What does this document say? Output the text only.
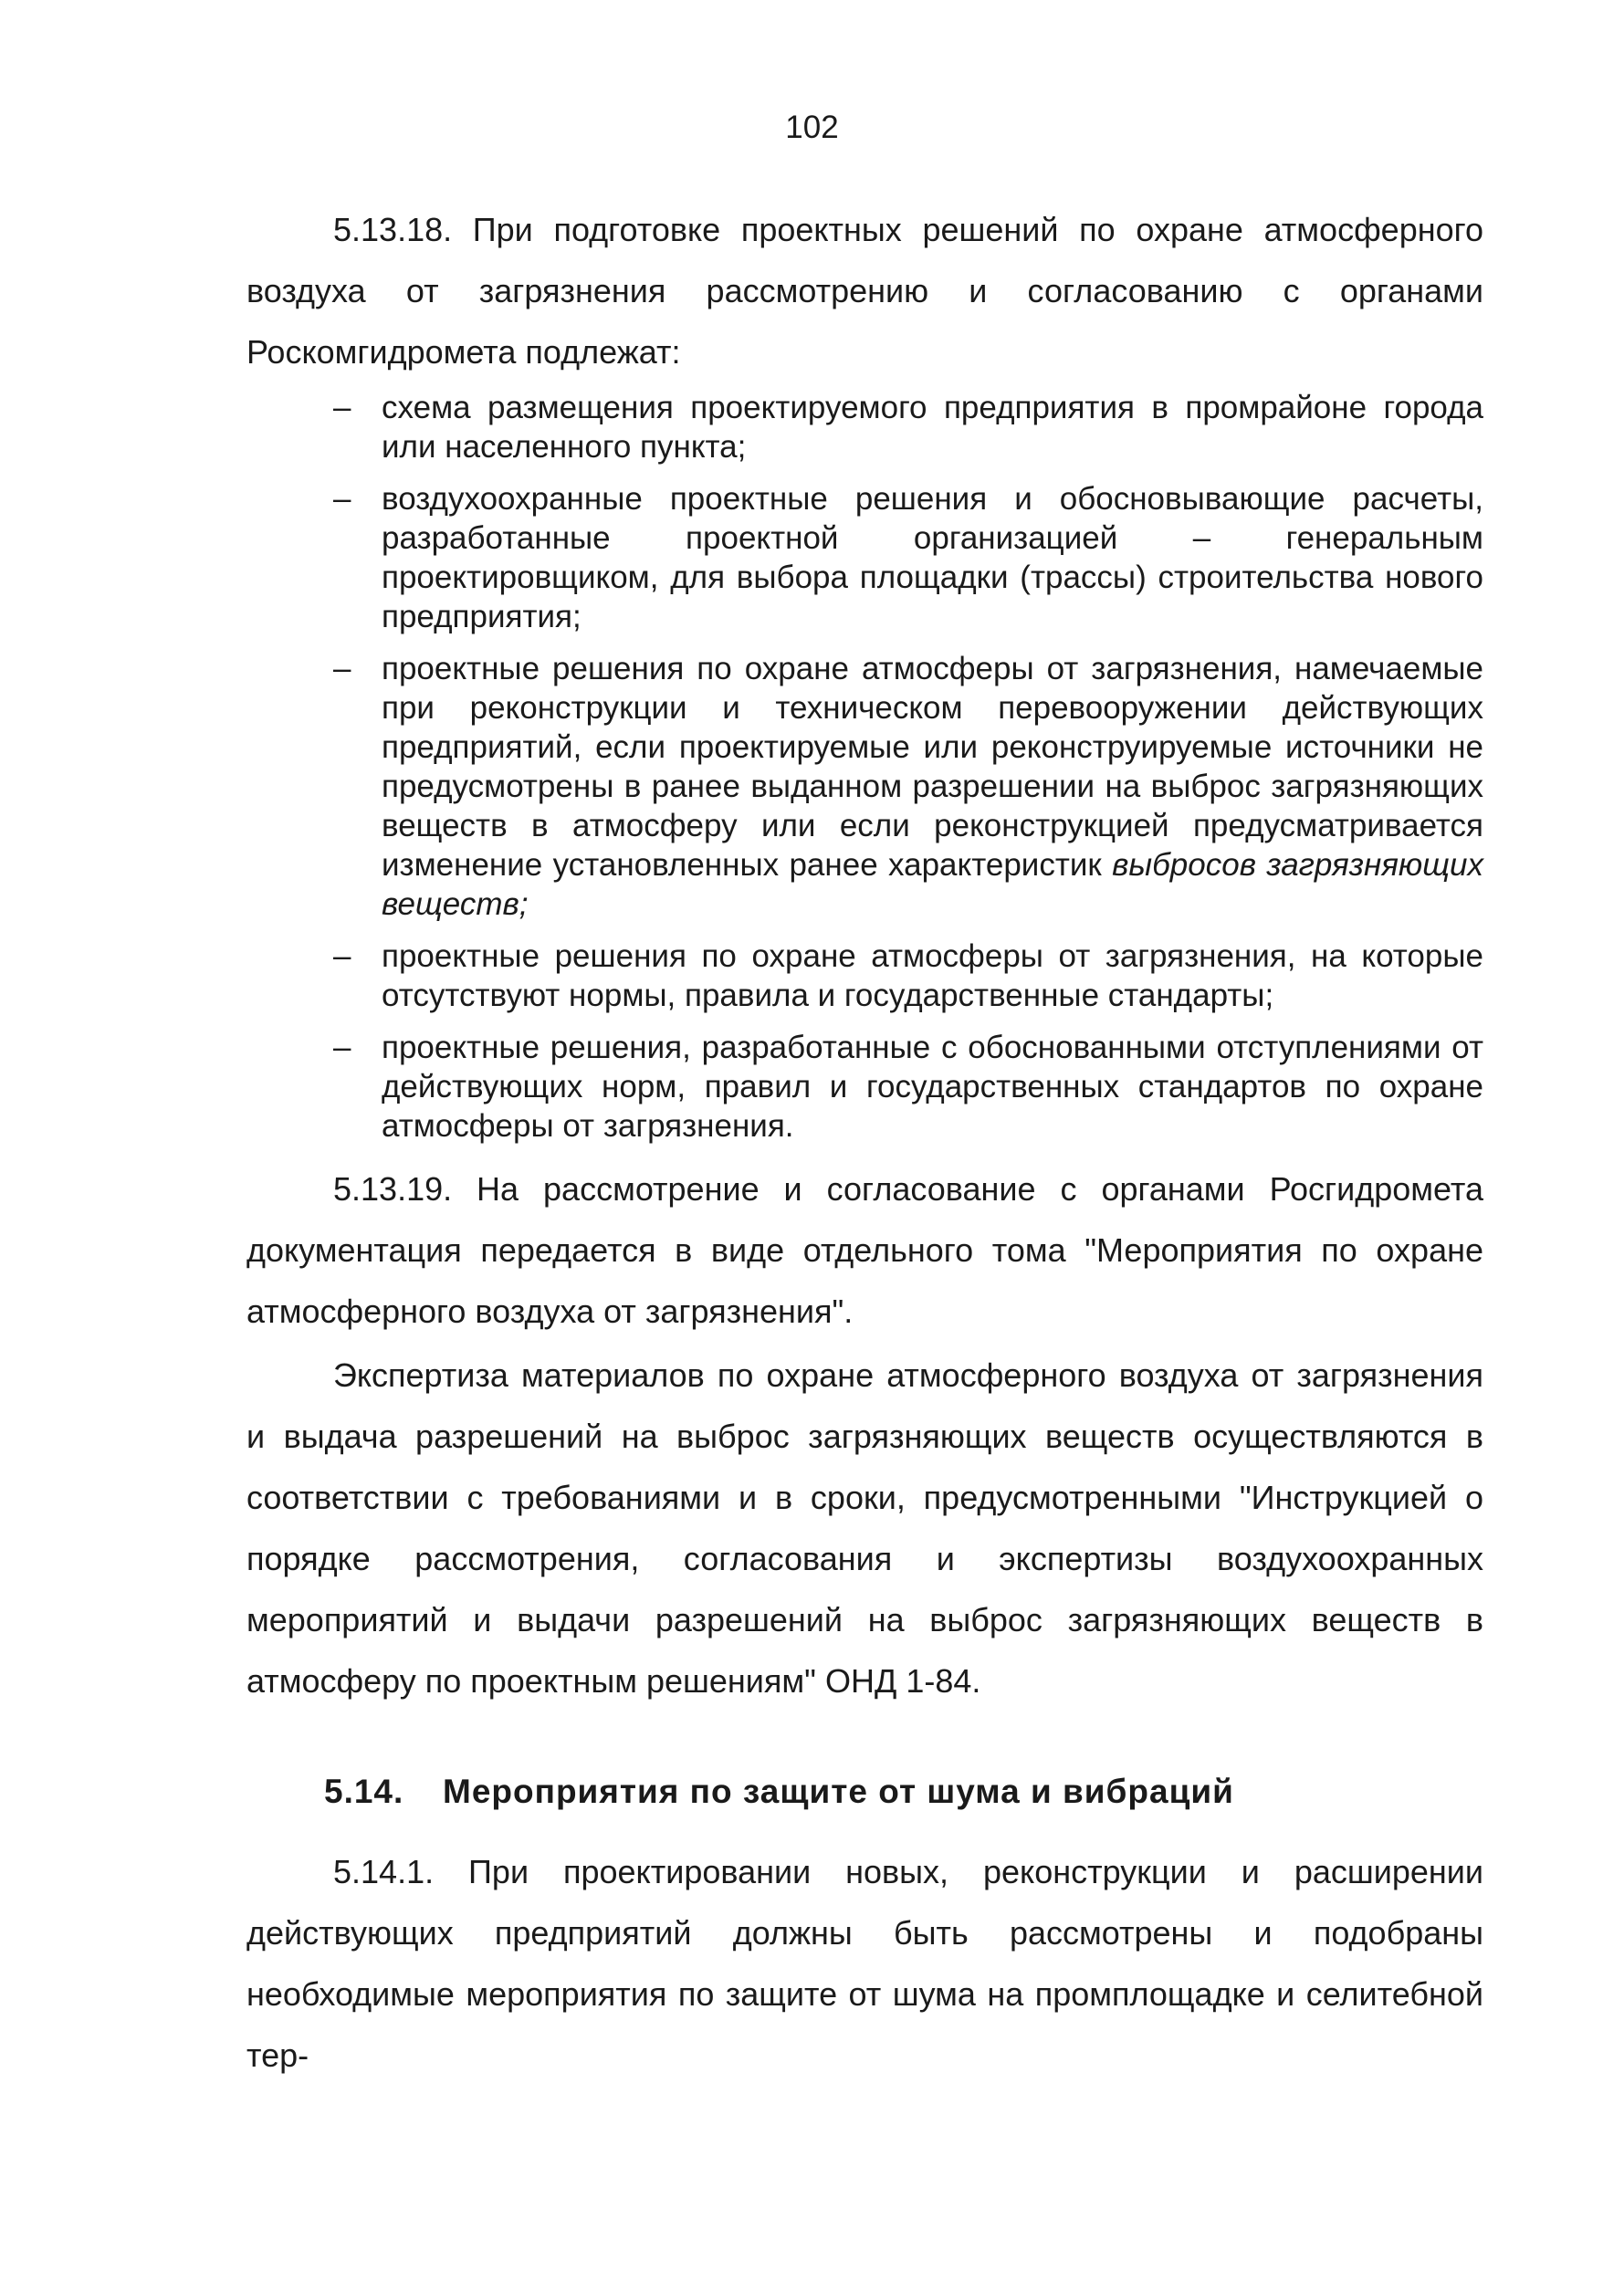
102

5.13.18. При подготовке проектных решений по охране атмосферного воздуха от загрязнения рассмотрению и согласованию с органами Роскомгидромета подлежат:

– схема размещения проектируемого предприятия в промрайоне города или населенного пункта;
– воздухоохранные проектные решения и обосновывающие расчеты, разработанные проектной организацией – генеральным проектировщиком, для выбора площадки (трассы) строительства нового предприятия;
– проектные решения по охране атмосферы от загрязнения, намечаемые при реконструкции и техническом перевооружении действующих предприятий, если проектируемые или реконструируемые источники не предусмотрены в ранее выданном разрешении на выброс загрязняющих веществ в атмосферу или если реконструкцией предусматривается изменение установленных ранее характеристик выбросов загрязняющих веществ;
– проектные решения по охране атмосферы от загрязнения, на которые отсутствуют нормы, правила и государственные стандарты;
– проектные решения, разработанные с обоснованными отступлениями от действующих норм, правил и государственных стандартов по охране атмосферы от загрязнения.

5.13.19. На рассмотрение и согласование с органами Росгидромета документация передается в виде отдельного тома "Мероприятия по охране атмосферного воздуха от загрязнения".

Экспертиза материалов по охране атмосферного воздуха от загрязнения и выдача разрешений на выброс загрязняющих веществ осуществляются в соответствии с требованиями и в сроки, предусмотренными "Инструкцией о порядке рассмотрения, согласования и экспертизы воздухоохранных мероприятий и выдачи разрешений на выброс загрязняющих веществ в атмосферу по проектным решениям" ОНД 1-84.

5.14. Мероприятия по защите от шума и вибраций

5.14.1. При проектировании новых, реконструкции и расширении действующих предприятий должны быть рассмотрены и подобраны необходимые мероприятия по защите от шума на промплощадке и селитебной тер-
